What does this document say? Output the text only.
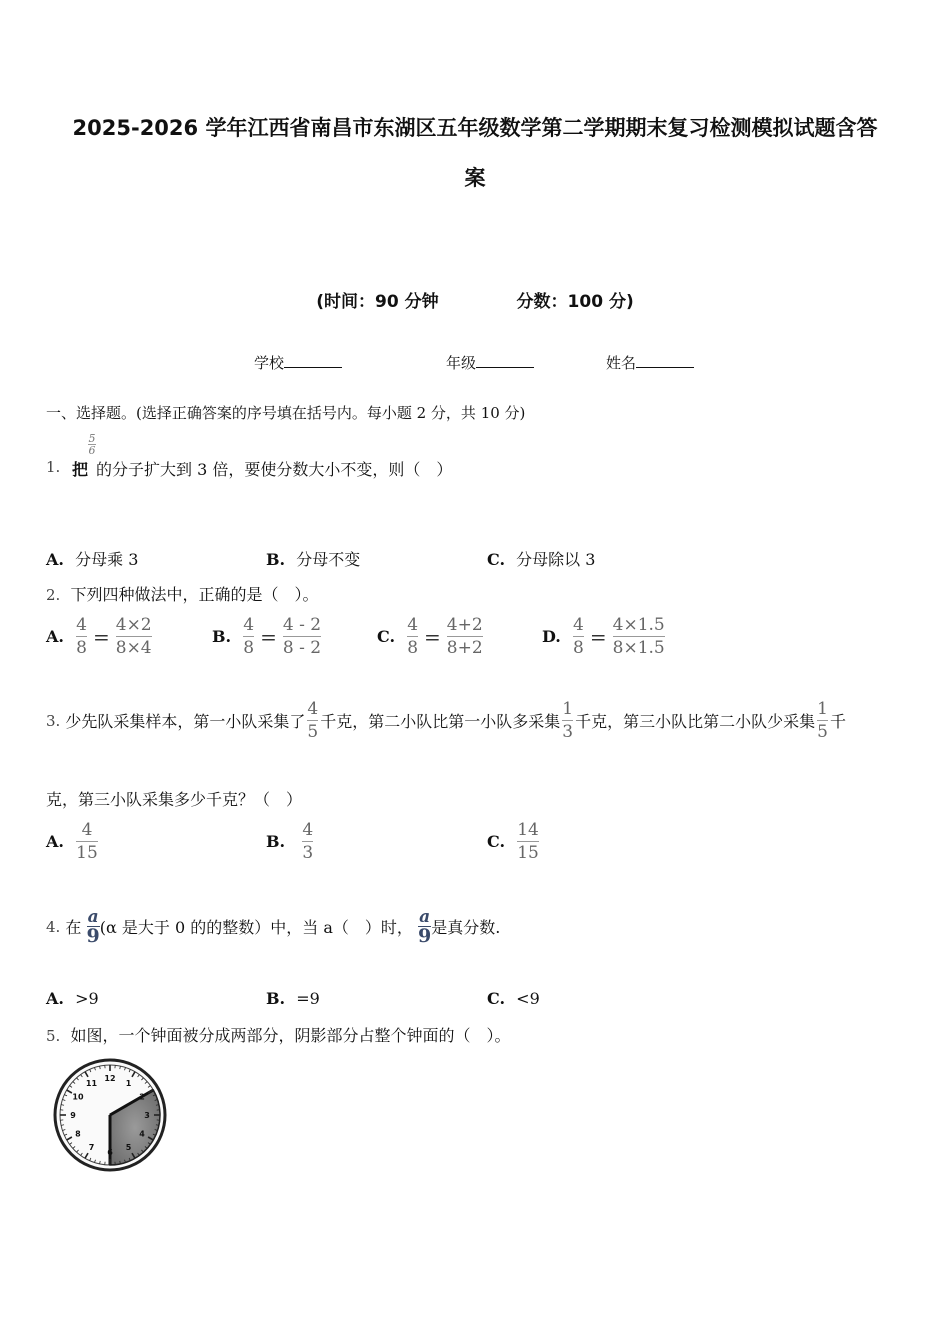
2025-2026 学年江西省南昌市东湖区五年级数学第二学期期末复习检测模拟试题含答
案
(时间：90 分钟	分数：100 分)
学校	年级	姓名
一、选择题。(选择正确答案的序号填在括号内。每小题 2 分，共 10 分)
1. 把
5
6
的分子扩大到 3 倍，要使分数大小不变，则（　）
A. 分母乘 3	B. 分母不变	C. 分母除以 3
2. 下列四种做法中，正确的是（　）。
A.
$\frac{4}{8} = \frac{4\times 2}{8\times 4}$	B.
$\frac{4}{8} = \frac{4 - 2}{8 - 2}$	C.
$\frac{4}{8} = \frac{4+2}{8+2}$	D.
$\frac{4}{8} = \frac{4\times 1.5}{8\times 1.5}$
3.
少先队采集样本，第一小队采集了 $\frac{4}{5}$ 千克，第二小队比第一小队多采集 $\frac{1}{3}$ 千克，第三小队比第二小队少采集 $\frac{1}{5}$ 千
克，第三小队采集多少千克？（　）
A.
$\frac{4}{15}$	B.
$\frac{4}{3}$	C.
$\frac{14}{15}$
4.
在

a
9 (α 是大于 0 的的整数）中，当 a（　）时，

a
9 是真分数.
A. >9	B. =9	C. <9
5. 如图，一个钟面被分成两部分，阴影部分占整个钟面的（　）。
12
1
2
3
4
5
6
7
8
9
10
11
